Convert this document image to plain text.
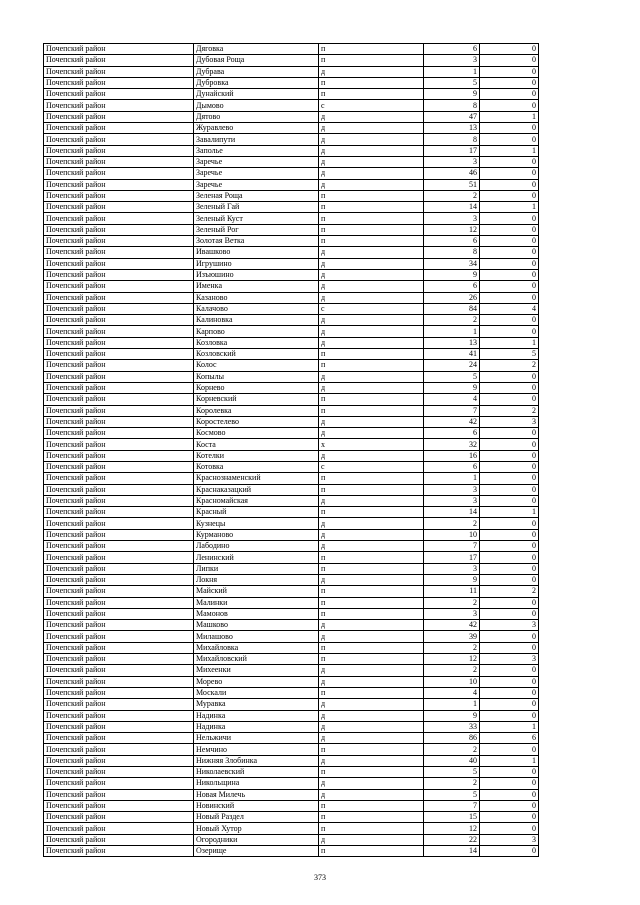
Почепский район	Дяговка	п	6	0
Почепский район	Дубовая Роща	п	3	0
Почепский район	Дубрава	д	1	0
Почепский район	Дубровка	п	5	0
Почепский район	Дунайский	п	9	0
Почепский район	Дымово	с	8	0
Почепский район	Дятово	д	47	1
Почепский район	Журавлево	д	13	0
Почепский район	Завалипути	д	8	0
Почепский район	Заполье	д	17	1
Почепский район	Заречье	д	3	0
Почепский район	Заречье	д	46	0
Почепский район	Заречье	д	51	0
Почепский район	Зеленая Роща	п	2	0
Почепский район	Зеленый Гай	п	14	1
Почепский район	Зеленый Куст	п	3	0
Почепский район	Зеленый Рог	п	12	0
Почепский район	Золотая Ветка	п	6	0
Почепский район	Ивашково	д	8	0
Почепский район	Игрушино	д	34	0
Почепский район	Изъюшино	д	9	0
Почепский район	Именка	д	6	0
Почепский район	Казаново	д	26	0
Почепский район	Калачово	с	84	4
Почепский район	Калиновка	д	2	0
Почепский район	Карпово	д	1	0
Почепский район	Козловка	д	13	1
Почепский район	Козловский	п	41	5
Почепский район	Колос	п	24	2
Почепский район	Копылы	д	5	0
Почепский район	Корнево	д	9	0
Почепский район	Корневский	п	4	0
Почепский район	Королевка	п	7	2
Почепский район	Коростелево	д	42	3
Почепский район	Космово	д	6	0
Почепский район	Коста	х	32	0
Почепский район	Котелки	д	16	0
Почепский район	Котовка	с	6	0
Почепский район	Краснознаменский	п	1	0
Почепский район	Краснаказацкий	п	3	0
Почепский район	Красномайская	д	3	0
Почепский район	Красный	п	14	1
Почепский район	Кузнецы	д	2	0
Почепский район	Курманово	д	10	0
Почепский район	Лабодино	д	7	0
Почепский район	Ленинский	п	17	0
Почепский район	Липки	п	3	0
Почепский район	Локня	д	9	0
Почепский район	Майский	п	11	2
Почепский район	Малинки	п	2	0
Почепский район	Мамонов	п	3	0
Почепский район	Машково	д	42	3
Почепский район	Милашово	д	39	0
Почепский район	Михайловка	п	2	0
Почепский район	Михайловский	п	12	3
Почепский район	Михеенки	д	2	0
Почепский район	Морево	д	10	0
Почепский район	Москали	п	4	0
Почепский район	Муравка	д	1	0
Почепский район	Надинка	д	9	0
Почепский район	Надинка	д	33	1
Почепский район	Нельжичи	д	86	6
Почепский район	Немчино	п	2	0
Почепский район	Нижняя Злобинка	д	40	1
Почепский район	Николаевский	п	5	0
Почепский район	Никольщина	д	2	0
Почепский район	Новая Милечь	д	5	0
Почепский район	Новинский	п	7	0
Почепский район	Новый Раздел	п	15	0
Почепский район	Новый Хутор	п	12	0
Почепский район	Огородники	д	22	3
Почепский район	Озерище	п	14	0
373
